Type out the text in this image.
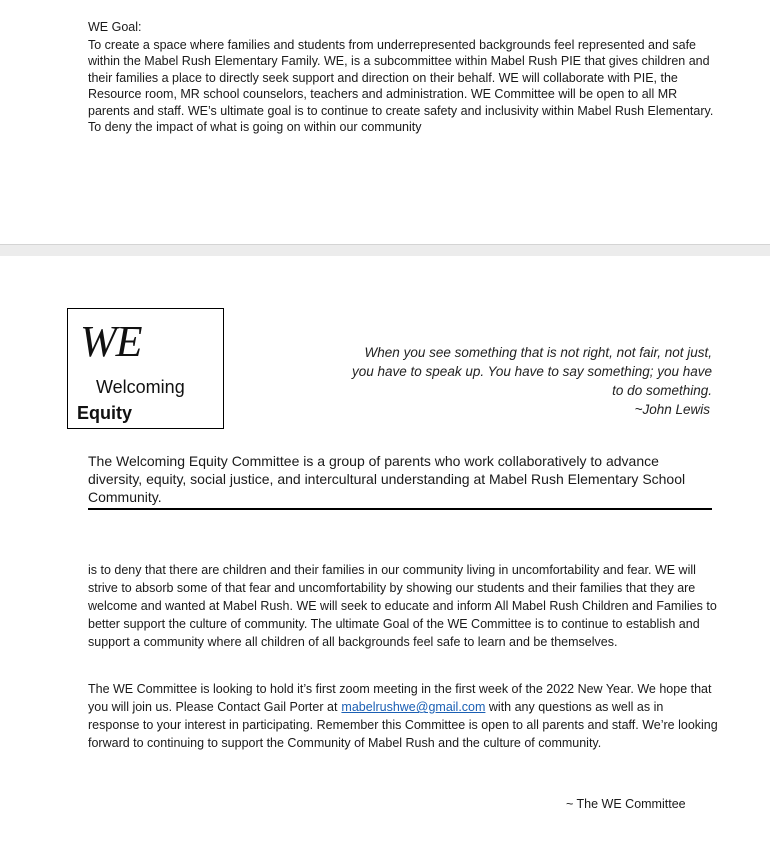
WE Goal:
To create a space where families and students from underrepresented backgrounds feel represented and safe within the Mabel Rush Elementary Family. WE, is a subcommittee within Mabel Rush PIE that gives children and their families a place to directly seek support and direction on their behalf. WE will collaborate with PIE, the Resource room, MR school counselors, teachers and administration. WE Committee will be open to all MR parents and staff. WE’s ultimate goal is to continue to create safety and inclusivity within Mabel Rush Elementary. To deny the impact of what is going on within our community
WE
Welcoming
Equity
When you see something that is not right, not fair, not just, you have to speak up. You have to say something; you have to do something.
~John Lewis
The Welcoming Equity Committee is a group of parents who work collaboratively to advance diversity, equity, social justice, and intercultural understanding at Mabel Rush Elementary School Community.
is to deny that there are children and their families in our community living in uncomfortability and fear. WE will strive to absorb some of that fear and uncomfortability by showing our students and their families that they are welcome and wanted at Mabel Rush. WE will seek to educate and inform All Mabel Rush Children and Families to better support the culture of community. The ultimate Goal of the WE Committee is to continue to establish and support a community where all children of all backgrounds feel safe to learn and be themselves.
The WE Committee is looking to hold it’s first zoom meeting in the first week of the 2022 New Year. We hope that you will join us. Please Contact Gail Porter at mabelrushwe@gmail.com with any questions as well as in response to your interest in participating. Remember this Committee is open to all parents and staff. We’re looking forward to continuing to support the Community of Mabel Rush and the culture of community.
~ The WE Committee
